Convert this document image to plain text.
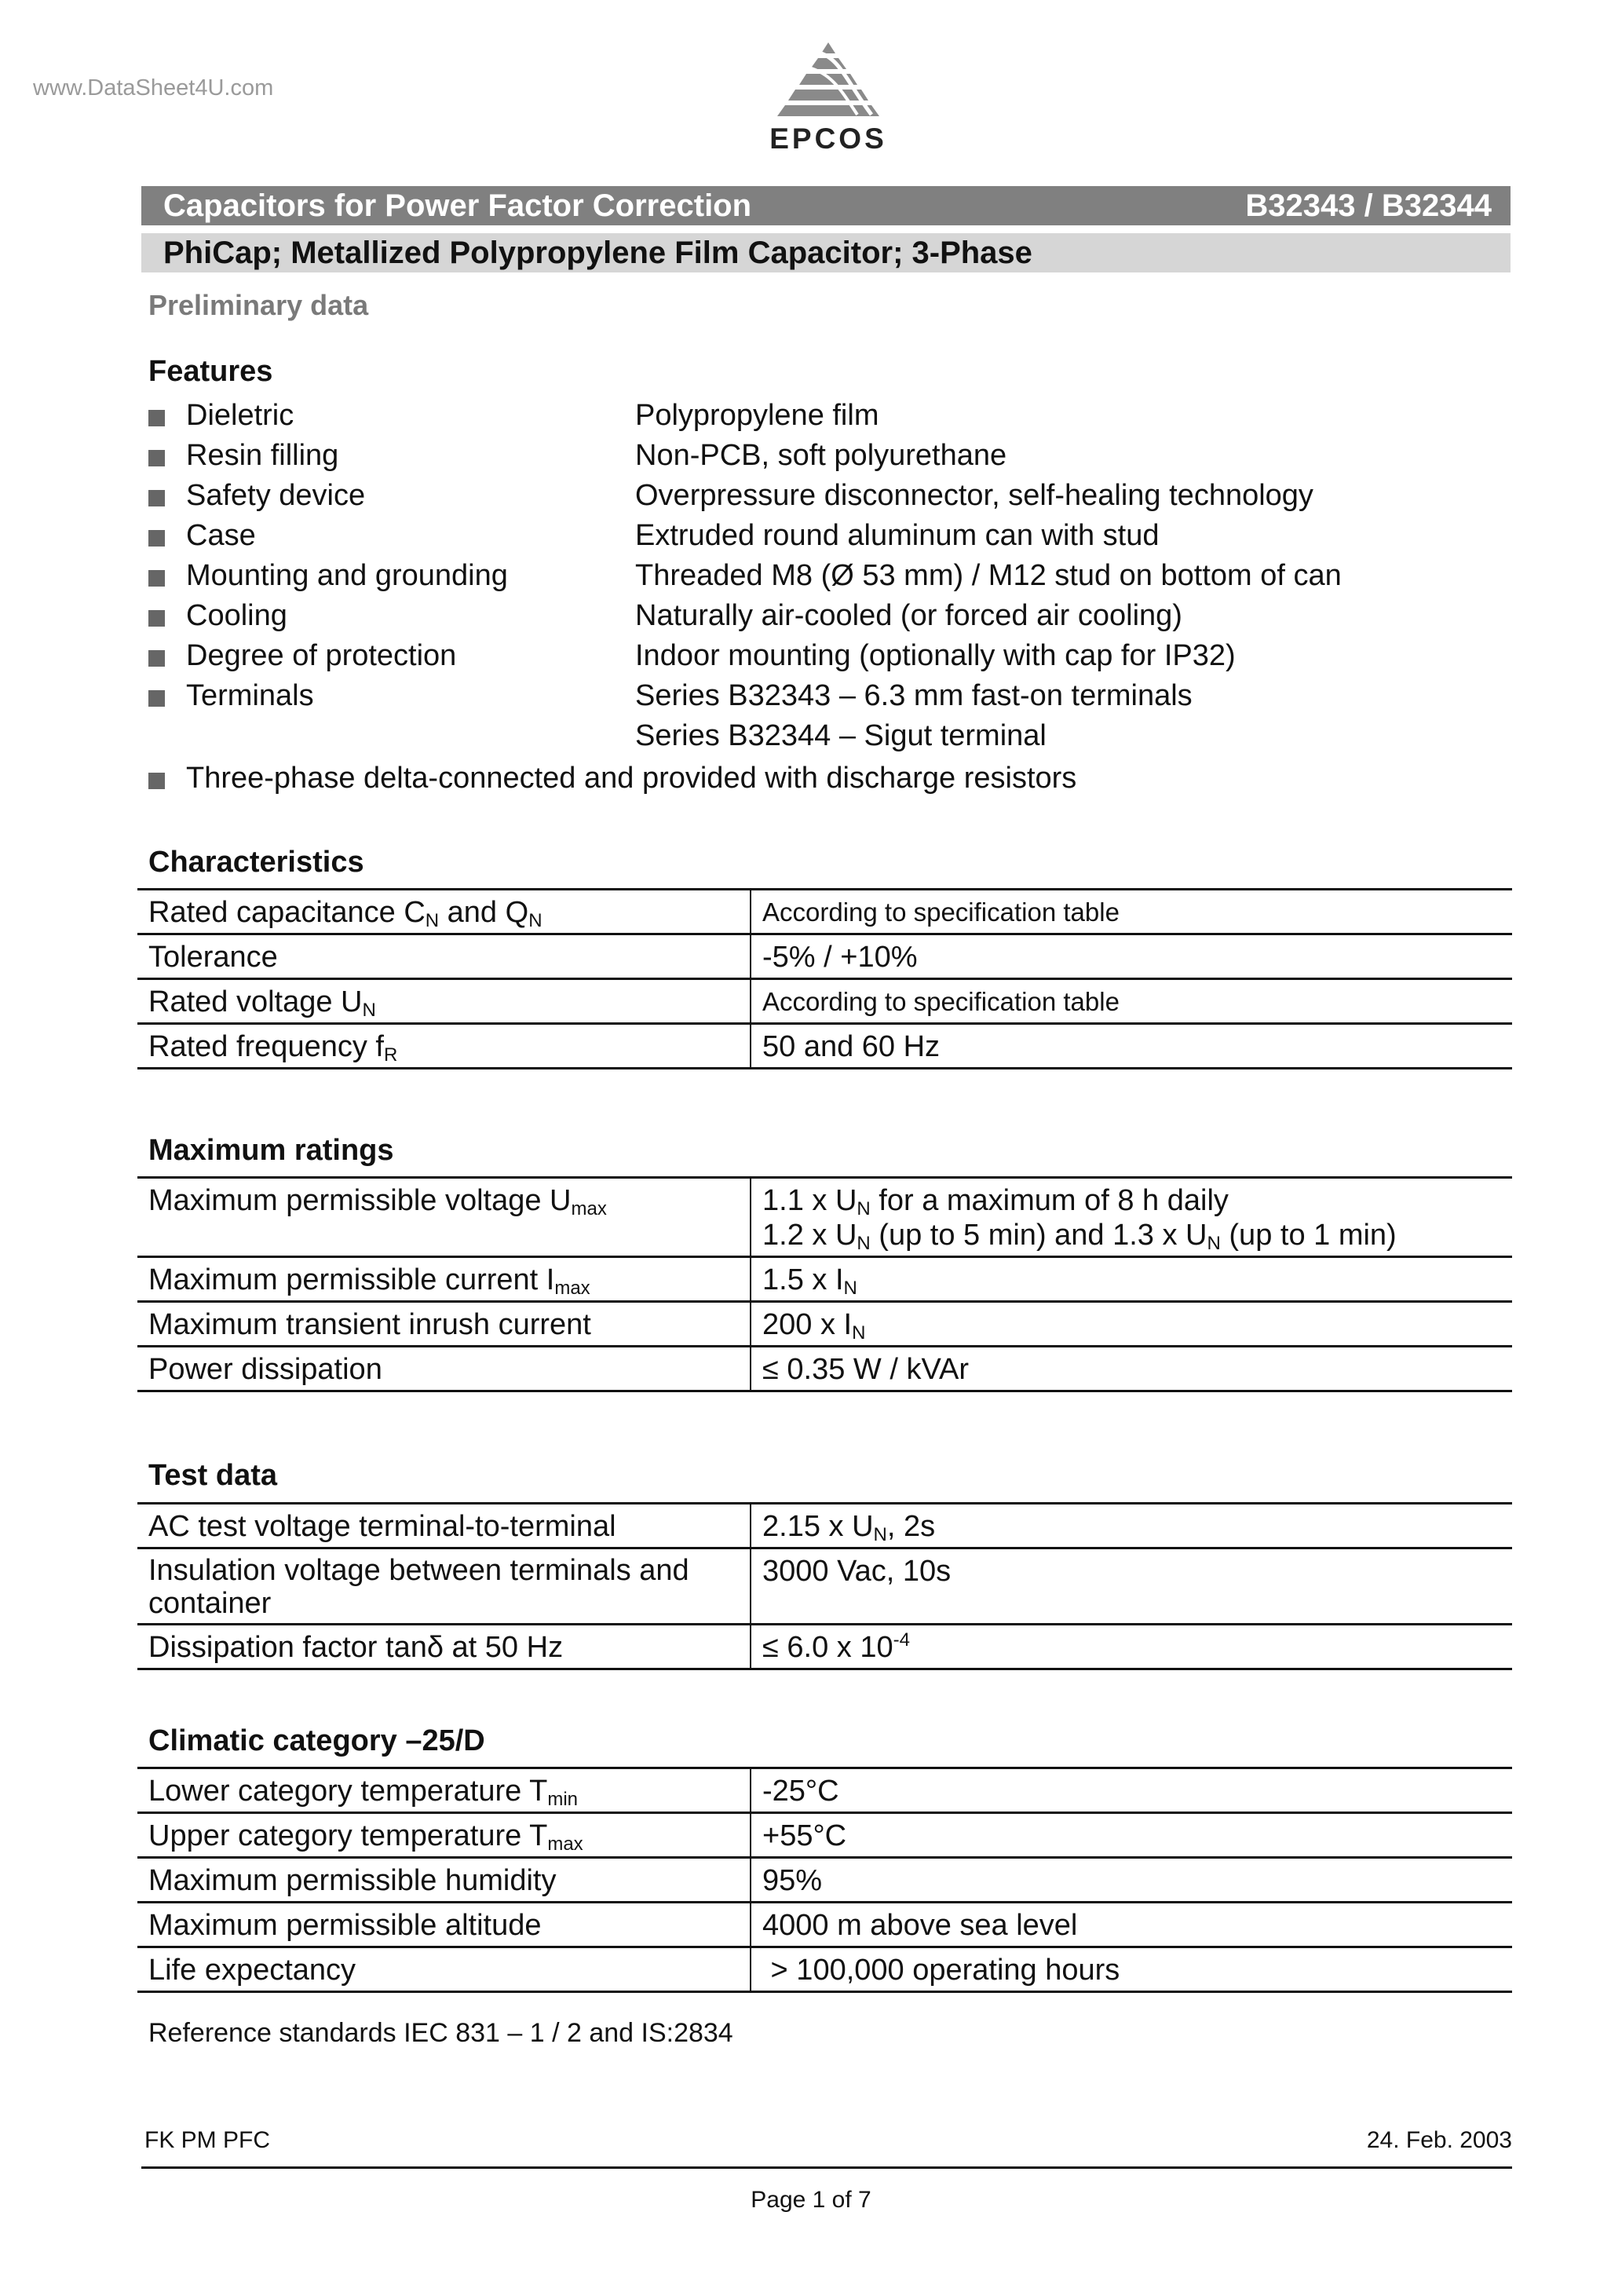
www.DataSheet4U.com
EPCOS
Capacitors for Power Factor Correction	B32343 / B32344
PhiCap; Metallized Polypropylene Film Capacitor; 3-Phase
Preliminary data
Features
Dieletric	Polypropylene film
Resin filling	Non-PCB, soft polyurethane
Safety device	Overpressure disconnector, self-healing technology
Case	Extruded round aluminum can with stud
Mounting and grounding	Threaded M8 (Ø 53 mm) / M12 stud on bottom of can
Cooling	Naturally air-cooled (or forced air cooling)
Degree of protection	Indoor mounting (optionally with cap for IP32)
Terminals	Series B32343 – 6.3 mm fast-on terminals
Series B32344 – Sigut terminal
Three-phase delta-connected and provided with discharge resistors
Characteristics
Rated capacitance $C_N$ and $Q_N$	According to specification table
Tolerance	-5% / +10%
Rated voltage $U_N$	According to specification table
Rated frequency $f_R$	50 and 60 Hz
Maximum ratings
Maximum permissible voltage $U_{max}$	1.1 x $U_N$ for a maximum of 8 h daily
1.2 x $U_N$ (up to 5 min) and 1.3 x $U_N$ (up to 1 min)
Maximum permissible current $I_{max}$	1.5 x $I_N$
Maximum transient inrush current	200 x $I_N$
Power dissipation	≤ 0.35 W / kVAr
Test data
AC test voltage terminal-to-terminal	2.15 x $U_N$, 2s
Insulation voltage between terminals and container	3000 Vac, 10s
Dissipation factor tanδ at 50 Hz	≤ 6.0 x $10^{-4}$
Climatic category –25/D
Lower category temperature $T_{min}$	-25°C
Upper category temperature $T_{max}$	+55°C
Maximum permissible humidity	95%
Maximum permissible altitude	4000 m above sea level
Life expectancy	> 100,000 operating hours
Reference standards IEC 831 – 1 / 2 and IS:2834
FK PM PFC	24. Feb. 2003
Page 1 of 7
